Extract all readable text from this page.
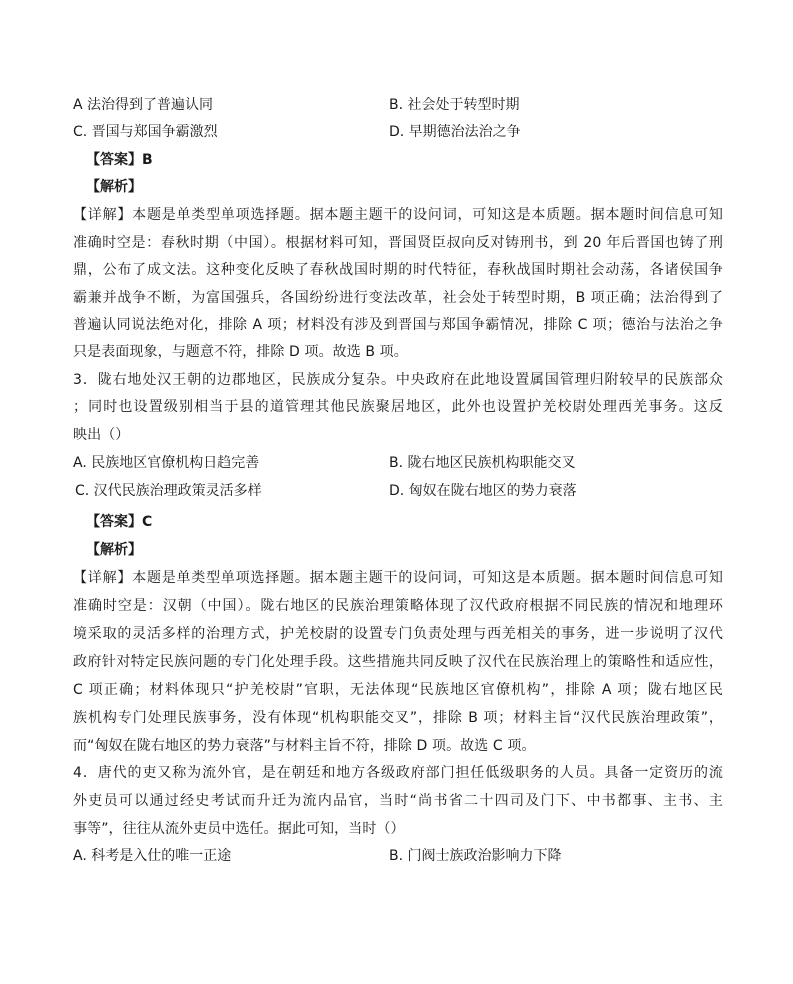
A 法治得到了普遍认同	B. 社会处于转型时期
C. 晋国与郑国争霸激烈	D. 早期德治法治之争
【答案】B
【解析】
【详解】本题是单类型单项选择题。据本题主题干的设问词，可知这是本质题。据本题时间信息可知
准确时空是：春秋时期（中国）。根据材料可知，晋国贤臣叔向反对铸刑书，到 20 年后晋国也铸了刑
鼎，公布了成文法。这种变化反映了春秋战国时期的时代特征，春秋战国时期社会动荡，各诸侯国争
霸兼并战争不断，为富国强兵，各国纷纷进行变法改革，社会处于转型时期，B 项正确；法治得到了
普遍认同说法绝对化，排除 A 项；材料没有涉及到晋国与郑国争霸情况，排除 C 项；德治与法治之争
只是表面现象，与题意不符，排除 D 项。故选 B 项。
3．陇右地处汉王朝的边郡地区，民族成分复杂。中央政府在此地设置属国管理归附较早的民族部众
；同时也设置级别相当于县的道管理其他民族聚居地区，此外也设置护羌校尉处理西羌事务。这反
映出（）
A. 民族地区官僚机构日趋完善	B. 陇右地区民族机构职能交叉
C. 汉代民族治理政策灵活多样	D. 匈奴在陇右地区的势力衰落
【答案】C
【解析】
【详解】本题是单类型单项选择题。据本题主题干的设问词，可知这是本质题。据本题时间信息可知
准确时空是：汉朝（中国）。陇右地区的民族治理策略体现了汉代政府根据不同民族的情况和地理环
境采取的灵活多样的治理方式，护羌校尉的设置专门负责处理与西羌相关的事务，进一步说明了汉代
政府针对特定民族问题的专门化处理手段。这些措施共同反映了汉代在民族治理上的策略性和适应性，
C 项正确；材料体现只“护羌校尉”官职，无法体现“民族地区官僚机构”，排除 A 项；陇右地区民
族机构专门处理民族事务，没有体现“机构职能交叉”，排除 B 项；材料主旨“汉代民族治理政策”，
而“匈奴在陇右地区的势力衰落”与材料主旨不符，排除 D 项。故选 C 项。
4．唐代的吏又称为流外官，是在朝廷和地方各级政府部门担任低级职务的人员。具备一定资历的流
外吏员可以通过经史考试而升迁为流内品官，当时“尚书省二十四司及门下、中书都事、主书、主
事等”，往往从流外吏员中选任。据此可知，当时（）
A. 科考是入仕的唯一正途	B. 门阀士族政治影响力下降
